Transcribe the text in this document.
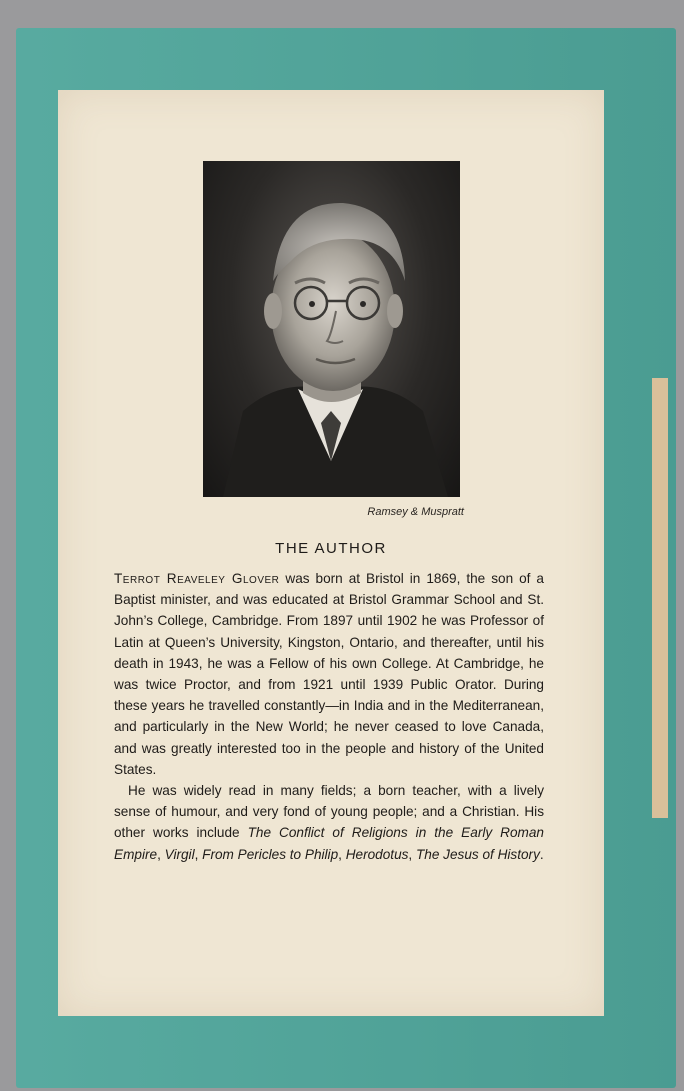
Ramsey & Muspratt
THE AUTHOR

Terrot Reaveley Glover was born at Bristol in 1869, the son of a Baptist minister, and was educated at Bristol Grammar School and St. John’s College, Cambridge. From 1897 until 1902 he was Professor of Latin at Queen’s University, Kingston, Ontario, and thereafter, until his death in 1943, he was a Fellow of his own College. At Cambridge, he was twice Proctor, and from 1921 until 1939 Public Orator. During these years he travelled constantly—in India and in the Mediterranean, and particularly in the New World; he never ceased to love Canada, and was greatly interested too in the people and history of the United States.

He was widely read in many fields; a born teacher, with a lively sense of humour, and very fond of young people; and a Christian. His other works include The Conflict of Religions in the Early Roman Empire, Virgil, From Pericles to Philip, Herodotus, The Jesus of History.
